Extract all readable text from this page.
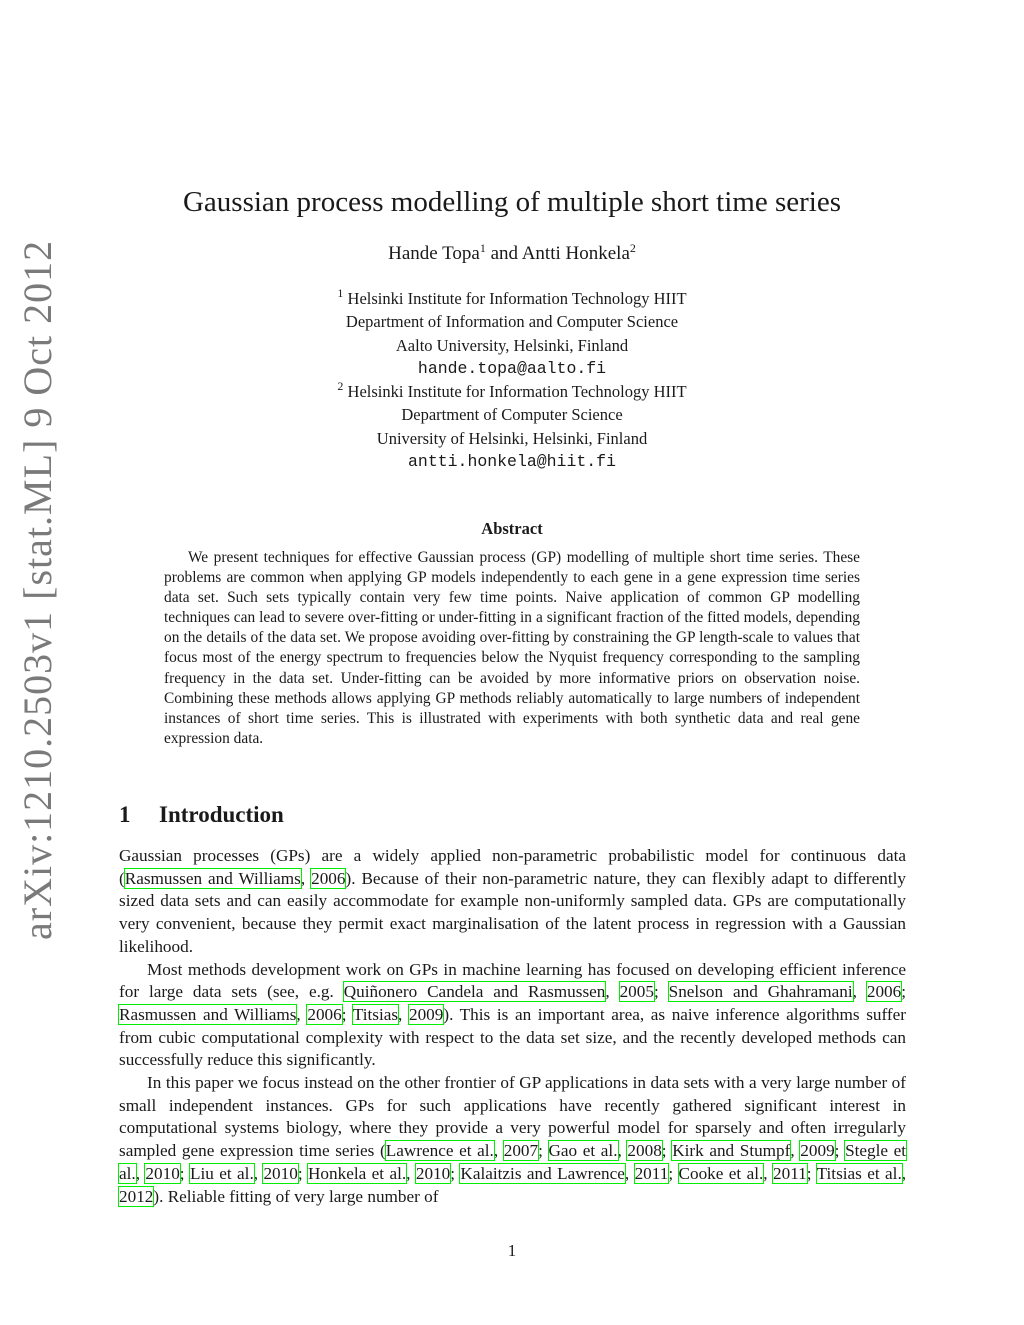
arXiv:1210.2503v1 [stat.ML] 9 Oct 2012
Gaussian process modelling of multiple short time series
Hande Topa$^1$ and Antti Honkela$^2$
$^1$ Helsinki Institute for Information Technology HIIT
Department of Information and Computer Science
Aalto University, Helsinki, Finland
hande.topa@aalto.fi
$^2$ Helsinki Institute for Information Technology HIIT
Department of Computer Science
University of Helsinki, Helsinki, Finland
antti.honkela@hiit.fi
Abstract
We present techniques for effective Gaussian process (GP) modelling of multiple short time series. These problems are common when applying GP models independently to each gene in a gene expression time series data set. Such sets typically contain very few time points. Naive application of common GP modelling techniques can lead to severe over-fitting or under-fitting in a significant fraction of the fitted models, depending on the details of the data set. We propose avoiding over-fitting by constraining the GP length-scale to values that focus most of the energy spectrum to frequencies below the Nyquist frequency corresponding to the sampling frequency in the data set. Under-fitting can be avoided by more informative priors on observation noise. Combining these methods allows applying GP methods reliably automatically to large numbers of independent instances of short time series. This is illustrated with experiments with both synthetic data and real gene expression data.
1 Introduction

Gaussian processes (GPs) are a widely applied non-parametric probabilistic model for continuous data (Rasmussen and Williams, 2006). Because of their non-parametric nature, they can flexibly adapt to differently sized data sets and can easily accommodate for example non-uniformly sampled data. GPs are computationally very convenient, because they permit exact marginalisation of the latent process in regression with a Gaussian likelihood.

Most methods development work on GPs in machine learning has focused on developing efficient inference for large data sets (see, e.g. Quiñonero Candela and Rasmussen, 2005; Snelson and Ghahramani, 2006; Rasmussen and Williams, 2006; Titsias, 2009). This is an important area, as naive inference algorithms suffer from cubic computational complexity with respect to the data set size, and the recently developed methods can successfully reduce this significantly.

In this paper we focus instead on the other frontier of GP applications in data sets with a very large number of small independent instances. GPs for such applications have recently gathered significant interest in computational systems biology, where they provide a very powerful model for sparsely and often irregularly sampled gene expression time series (Lawrence et al., 2007; Gao et al., 2008; Kirk and Stumpf, 2009; Stegle et al., 2010; Liu et al., 2010; Honkela et al., 2010; Kalaitzis and Lawrence, 2011; Cooke et al., 2011; Titsias et al., 2012). Reliable fitting of very large number of

1
